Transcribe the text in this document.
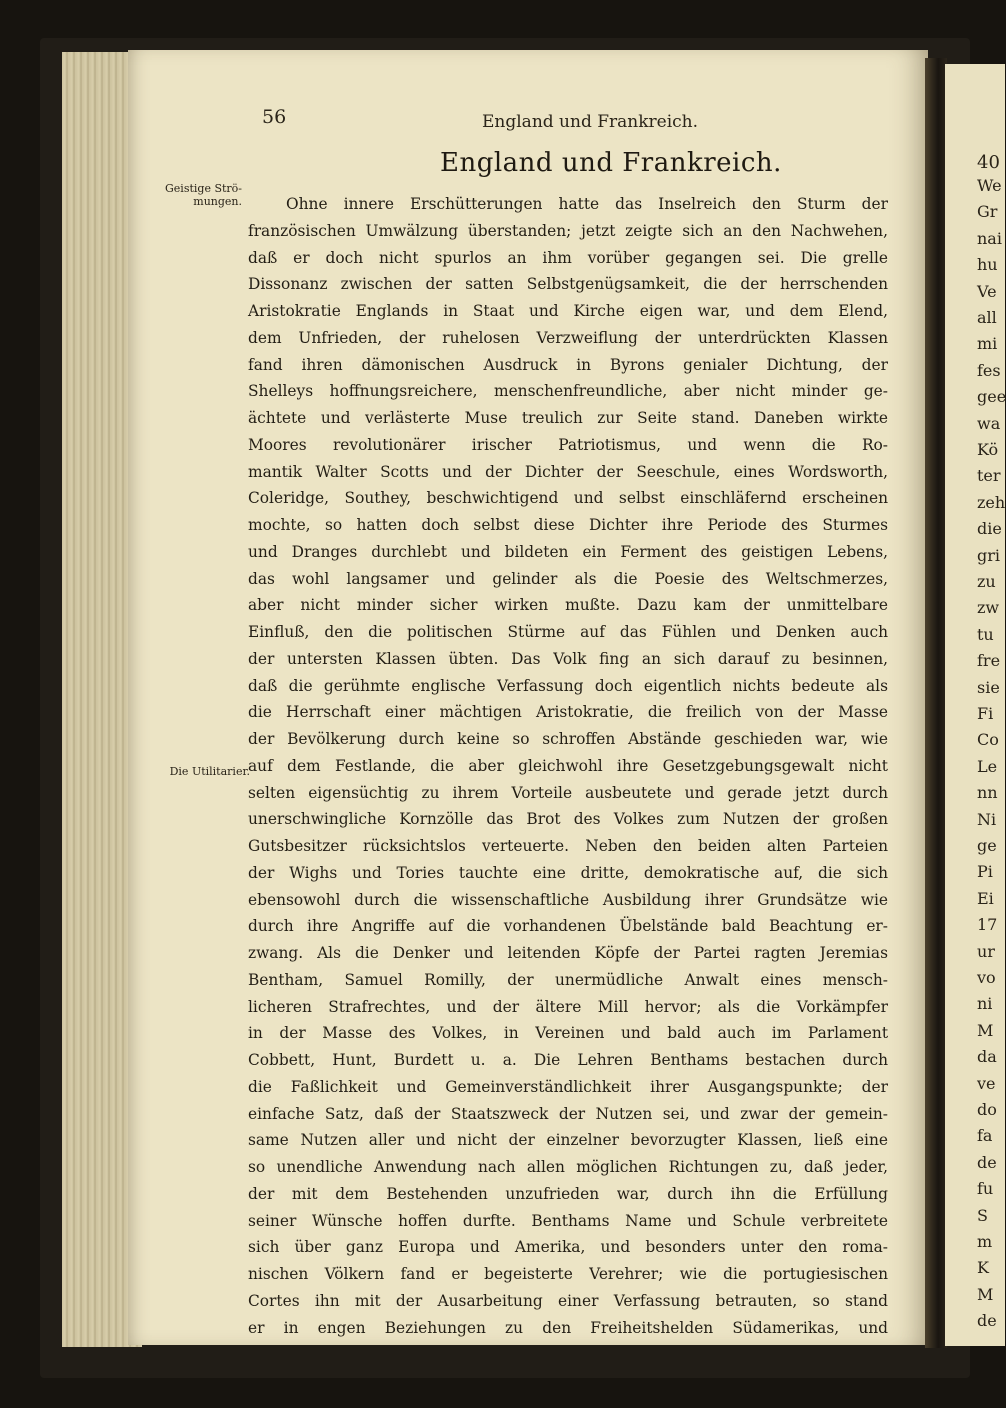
40
We
Gr
nai
hu
Ve
all
mi
fes
gee
wa
Kö
ter
zeh
die
gri
zu
zw
tu
fre
sie
Fi
Co
Le
nn
Ni
ge
Pi
Ei
17
ur
vo
ni
M
da
ve
do
fa
de
fu
S
m
K
M
de
56	England und Frankreich.
England und Frankreich.
Geistige Strö-mungen.
Die Utilitarier.
Ohne innere Erschütterungen hatte das Inselreich den Sturm der
französischen Umwälzung überstanden; jetzt zeigte sich an den Nachwehen,
daß er doch nicht spurlos an ihm vorüber gegangen sei. Die grelle
Dissonanz zwischen der satten Selbstgenügsamkeit, die der herrschenden
Aristokratie Englands in Staat und Kirche eigen war, und dem Elend,
dem Unfrieden, der ruhelosen Verzweiflung der unterdrückten Klassen
fand ihren dämonischen Ausdruck in Byrons genialer Dichtung, der
Shelleys hoffnungsreichere, menschenfreundliche, aber nicht minder ge-
ächtete und verlästerte Muse treulich zur Seite stand. Daneben wirkte
Moores revolutionärer irischer Patriotismus, und wenn die Ro-
mantik Walter Scotts und der Dichter der Seeschule, eines Wordsworth,
Coleridge, Southey, beschwichtigend und selbst einschläfernd erscheinen
mochte, so hatten doch selbst diese Dichter ihre Periode des Sturmes
und Dranges durchlebt und bildeten ein Ferment des geistigen Lebens,
das wohl langsamer und gelinder als die Poesie des Weltschmerzes,
aber nicht minder sicher wirken mußte. Dazu kam der unmittelbare
Einfluß, den die politischen Stürme auf das Fühlen und Denken auch
der untersten Klassen übten. Das Volk fing an sich darauf zu besinnen,
daß die gerühmte englische Verfassung doch eigentlich nichts bedeute als
die Herrschaft einer mächtigen Aristokratie, die freilich von der Masse
der Bevölkerung durch keine so schroffen Abstände geschieden war, wie
auf dem Festlande, die aber gleichwohl ihre Gesetzgebungsgewalt nicht
selten eigensüchtig zu ihrem Vorteile ausbeutete und gerade jetzt durch
unerschwingliche Kornzölle das Brot des Volkes zum Nutzen der großen
Gutsbesitzer rücksichtslos verteuerte. Neben den beiden alten Parteien
der Wighs und Tories tauchte eine dritte, demokratische auf, die sich
ebensowohl durch die wissenschaftliche Ausbildung ihrer Grundsätze wie
durch ihre Angriffe auf die vorhandenen Übelstände bald Beachtung er-
zwang. Als die Denker und leitenden Köpfe der Partei ragten Jeremias
Bentham, Samuel Romilly, der unermüdliche Anwalt eines mensch-
licheren Strafrechtes, und der ältere Mill hervor; als die Vorkämpfer
in der Masse des Volkes, in Vereinen und bald auch im Parlament
Cobbett, Hunt, Burdett u. a. Die Lehren Benthams bestachen durch
die Faßlichkeit und Gemeinverständlichkeit ihrer Ausgangspunkte; der
einfache Satz, daß der Staatszweck der Nutzen sei, und zwar der gemein-
same Nutzen aller und nicht der einzelner bevorzugter Klassen, ließ eine
so unendliche Anwendung nach allen möglichen Richtungen zu, daß jeder,
der mit dem Bestehenden unzufrieden war, durch ihn die Erfüllung
seiner Wünsche hoffen durfte. Benthams Name und Schule verbreitete
sich über ganz Europa und Amerika, und besonders unter den roma-
nischen Völkern fand er begeisterte Verehrer; wie die portugiesischen
Cortes ihn mit der Ausarbeitung einer Verfassung betrauten, so stand
er in engen Beziehungen zu den Freiheitshelden Südamerikas, und
